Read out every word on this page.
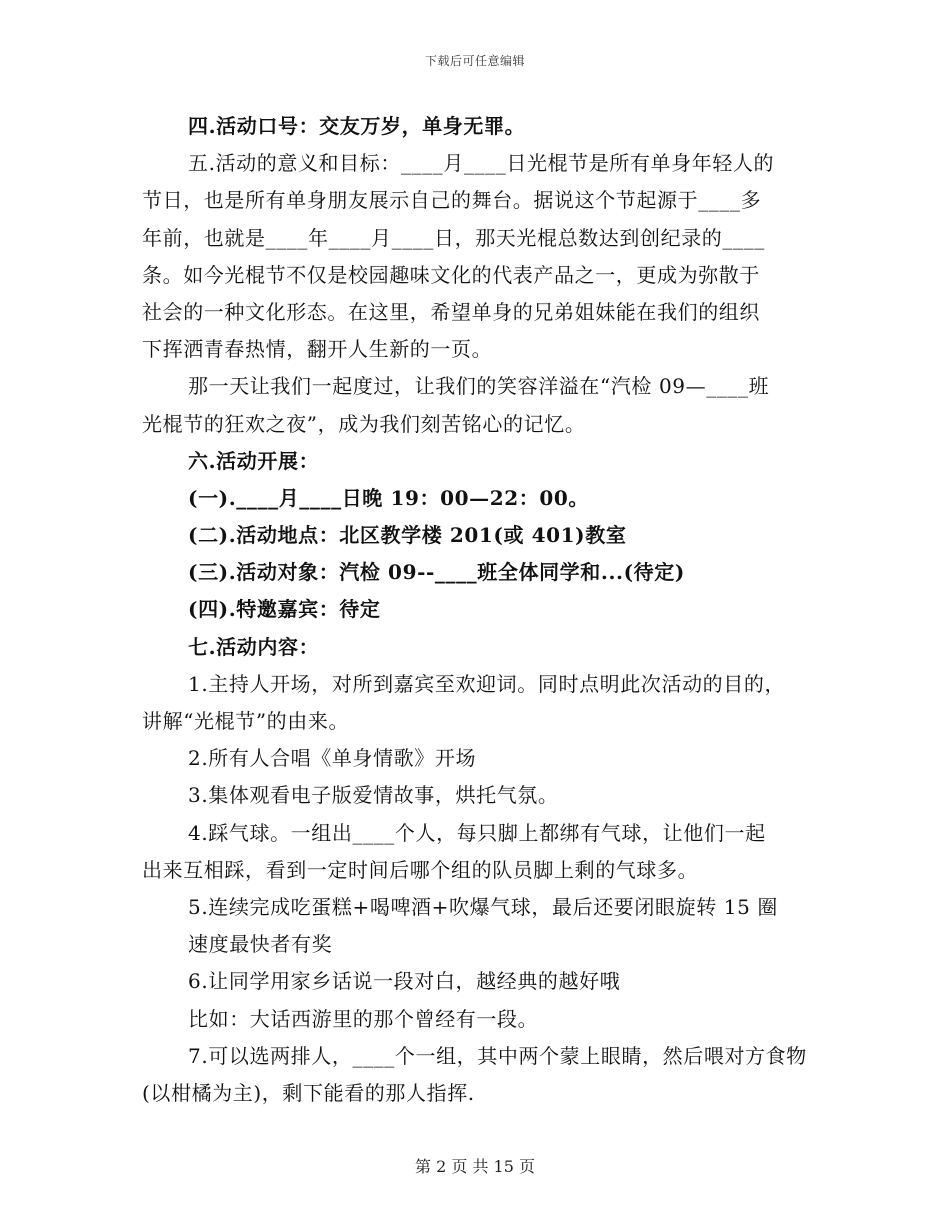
下载后可任意编辑
四.活动口号：交友万岁，单身无罪。
五.活动的意义和目标：____月____日光棍节是所有单身年轻人的
节日，也是所有单身朋友展示自己的舞台。据说这个节起源于____多
年前，也就是____年____月____日，那天光棍总数达到创纪录的____
条。如今光棍节不仅是校园趣味文化的代表产品之一，更成为弥散于
社会的一种文化形态。在这里，希望单身的兄弟姐妹能在我们的组织
下挥洒青春热情，翻开人生新的一页。
那一天让我们一起度过，让我们的笑容洋溢在“汽检 09—____班
光棍节的狂欢之夜”，成为我们刻苦铭心的记忆。
六.活动开展：
(一).____月____日晚 19：00—22：00。
(二).活动地点：北区教学楼 201(或 401)教室
(三).活动对象：汽检 09--____班全体同学和...(待定)
(四).特邀嘉宾：待定
七.活动内容：
1.主持人开场，对所到嘉宾至欢迎词。同时点明此次活动的目的，
讲解“光棍节”的由来。
2.所有人合唱《单身情歌》开场
3.集体观看电子版爱情故事，烘托气氛。
4.踩气球。一组出____个人，每只脚上都绑有气球，让他们一起
出来互相踩，看到一定时间后哪个组的队员脚上剩的气球多。
5.连续完成吃蛋糕+喝啤酒+吹爆气球，最后还要闭眼旋转 15 圈
速度最快者有奖
6.让同学用家乡话说一段对白，越经典的越好哦
比如：大话西游里的那个曾经有一段。
7.可以选两排人，____个一组，其中两个蒙上眼睛，然后喂对方食物
(以柑橘为主)，剩下能看的那人指挥.
第 2 页 共 15 页
